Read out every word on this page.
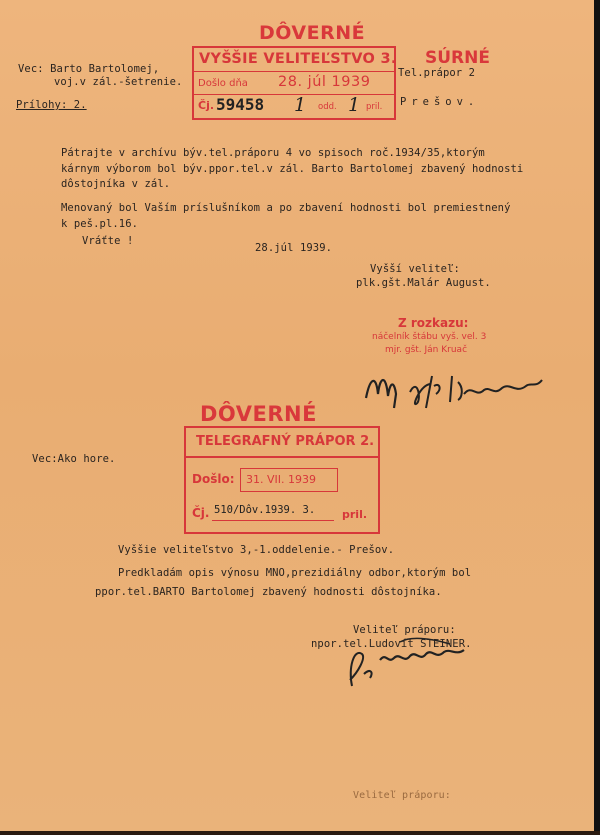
Vec: Barto Bartolomej,
voj.v zál.-šetrenie.
Prílohy: 2.
Tel.prápor 2
Prešov.
DÔVERNÉ
SÚRNÉ
VYŠŠIE VELITEĽSTVO 3.
Došlo dňa 28. júl 1939
Čj. 59458 1 odd. 1 pril.
Pátrajte v archívu býv.tel.práporu 4 vo spisoch roč.1934/35,ktorým
kárnym výborom bol býv.ppor.tel.v zál. Barto Bartolomej zbavený hodnosti
dôstojníka v zál.
Menovaný bol Vaším príslušníkom a po zbavení hodnosti bol premiestnený
k peš.pl.16.
Vráťte !
28.júl 1939.
Vyšší veliteľ:
plk.gšt.Malár August.
Z rozkazu:
náčelník štábu vyš. vel. 3
mjr. gšt. Ján Kruač
DÔVERNÉ
TELEGRAFNÝ PRÁPOR 2.
Došlo: 31. VII. 1939
Čj. 510/Dôv.1939. 3. pril.
Vec:Ako hore.
Vyššie veliteľstvo 3,-1.oddelenie.- Prešov.
Predkladám opis výnosu MNO,prezidiálny odbor,ktorým bol
ppor.tel.BARTO Bartolomej zbavený hodnosti dôstojníka.
Veliteľ práporu:
npor.tel.Ludovít STEINER.
Veliteľ práporu:
